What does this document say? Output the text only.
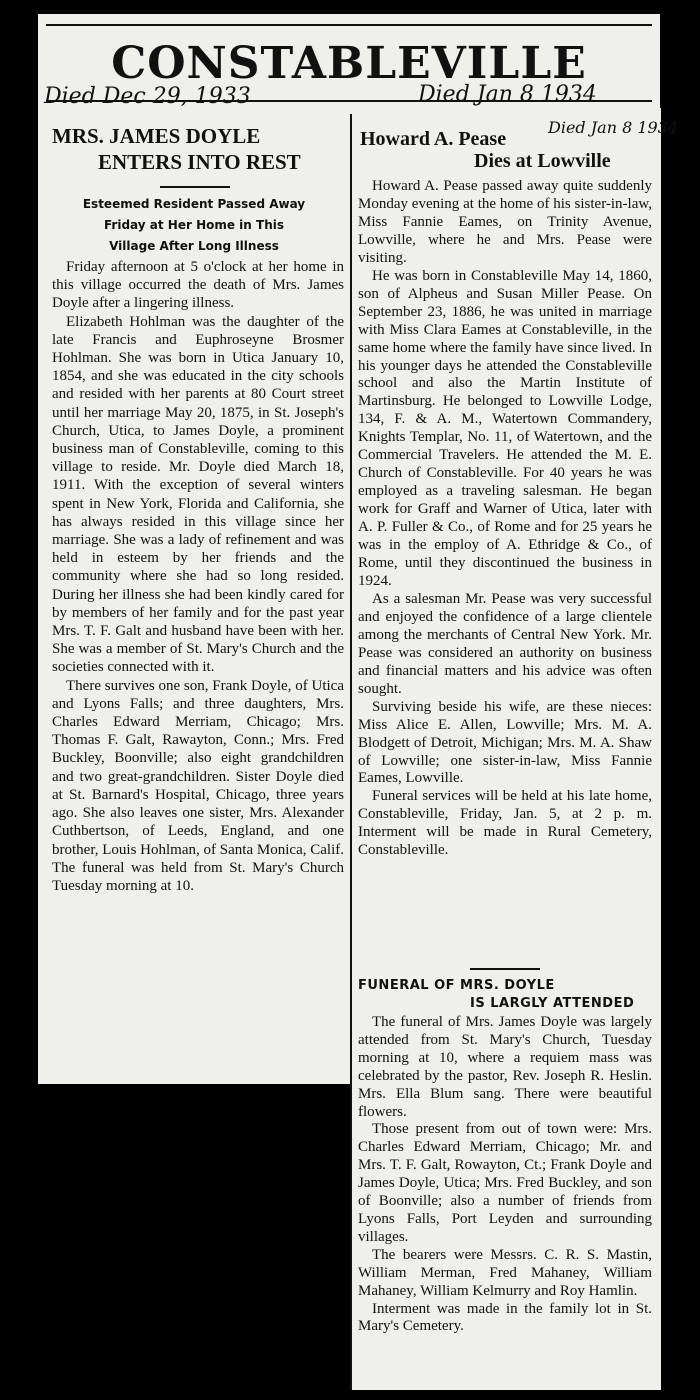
CONSTABLEVILLE
Died Dec 29, 1933	Died Jan 8 1934
MRS. JAMES DOYLE
ENTERS INTO REST
Esteemed Resident Passed Away
Friday at Her Home in This
Village After Long Illness

Friday afternoon at 5 o'clock at her home in this village occurred the death of Mrs. James Doyle after a lingering illness.

Elizabeth Hohlman was the daughter of the late Francis and Euphroseyne Brosmer Hohlman. She was born in Utica January 10, 1854, and she was educated in the city schools and resided with her parents at 80 Court street until her marriage May 20, 1875, in St. Joseph's Church, Utica, to James Doyle, a prominent business man of Constableville, coming to this village to reside. Mr. Doyle died March 18, 1911. With the exception of several winters spent in New York, Florida and California, she has always resided in this village since her marriage. She was a lady of refinement and was held in esteem by her friends and the community where she had so long resided. During her illness she had been kindly cared for by members of her family and for the past year Mrs. T. F. Galt and husband have been with her. She was a member of St. Mary's Church and the societies connected with it.

There survives one son, Frank Doyle, of Utica and Lyons Falls; and three daughters, Mrs. Charles Edward Merriam, Chicago; Mrs. Thomas F. Galt, Rawayton, Conn.; Mrs. Fred Buckley, Boonville; also eight grandchildren and two great-grandchildren. Sister Doyle died at St. Barnard's Hospital, Chicago, three years ago. She also leaves one sister, Mrs. Alexander Cuthbertson, of Leeds, England, and one brother, Louis Hohlman, of Santa Monica, Calif. The funeral was held from St. Mary's Church Tuesday morning at 10.

Howard A. Pease
Dies at Lowville
Died Jan 8 1934

Howard A. Pease passed away quite suddenly Monday evening at the home of his sister-in-law, Miss Fannie Eames, on Trinity Avenue, Lowville, where he and Mrs. Pease were visiting.

He was born in Constableville May 14, 1860, son of Alpheus and Susan Miller Pease. On September 23, 1886, he was united in marriage with Miss Clara Eames at Constableville, in the same home where the family have since lived. In his younger days he attended the Constableville school and also the Martin Institute of Martinsburg. He belonged to Lowville Lodge, 134, F. & A. M., Watertown Commandery, Knights Templar, No. 11, of Watertown, and the Commercial Travelers. He attended the M. E. Church of Constableville. For 40 years he was employed as a traveling salesman. He began work for Graff and Warner of Utica, later with A. P. Fuller & Co., of Rome and for 25 years he was in the employ of A. Ethridge & Co., of Rome, until they discontinued the business in 1924.

As a salesman Mr. Pease was very successful and enjoyed the confidence of a large clientele among the merchants of Central New York. Mr. Pease was considered an authority on business and financial matters and his advice was often sought.

Surviving beside his wife, are these nieces: Miss Alice E. Allen, Lowville; Mrs. M. A. Blodgett of Detroit, Michigan; Mrs. M. A. Shaw of Lowville; one sister-in-law, Miss Fannie Eames, Lowville.

Funeral services will be held at his late home, Constableville, Friday, Jan. 5, at 2 p. m. Interment will be made in Rural Cemetery, Constableville.

FUNERAL OF MRS. DOYLE
IS LARGLY ATTENDED

The funeral of Mrs. James Doyle was largely attended from St. Mary's Church, Tuesday morning at 10, where a requiem mass was celebrated by the pastor, Rev. Joseph R. Heslin. Mrs. Ella Blum sang. There were beautiful flowers.

Those present from out of town were: Mrs. Charles Edward Merriam, Chicago; Mr. and Mrs. T. F. Galt, Rowayton, Ct.; Frank Doyle and James Doyle, Utica; Mrs. Fred Buckley, and son of Boonville; also a number of friends from Lyons Falls, Port Leyden and surrounding villages.

The bearers were Messrs. C. R. S. Mastin, William Merman, Fred Mahaney, William Mahaney, William Kelmurry and Roy Hamlin.

Interment was made in the family lot in St. Mary's Cemetery.
